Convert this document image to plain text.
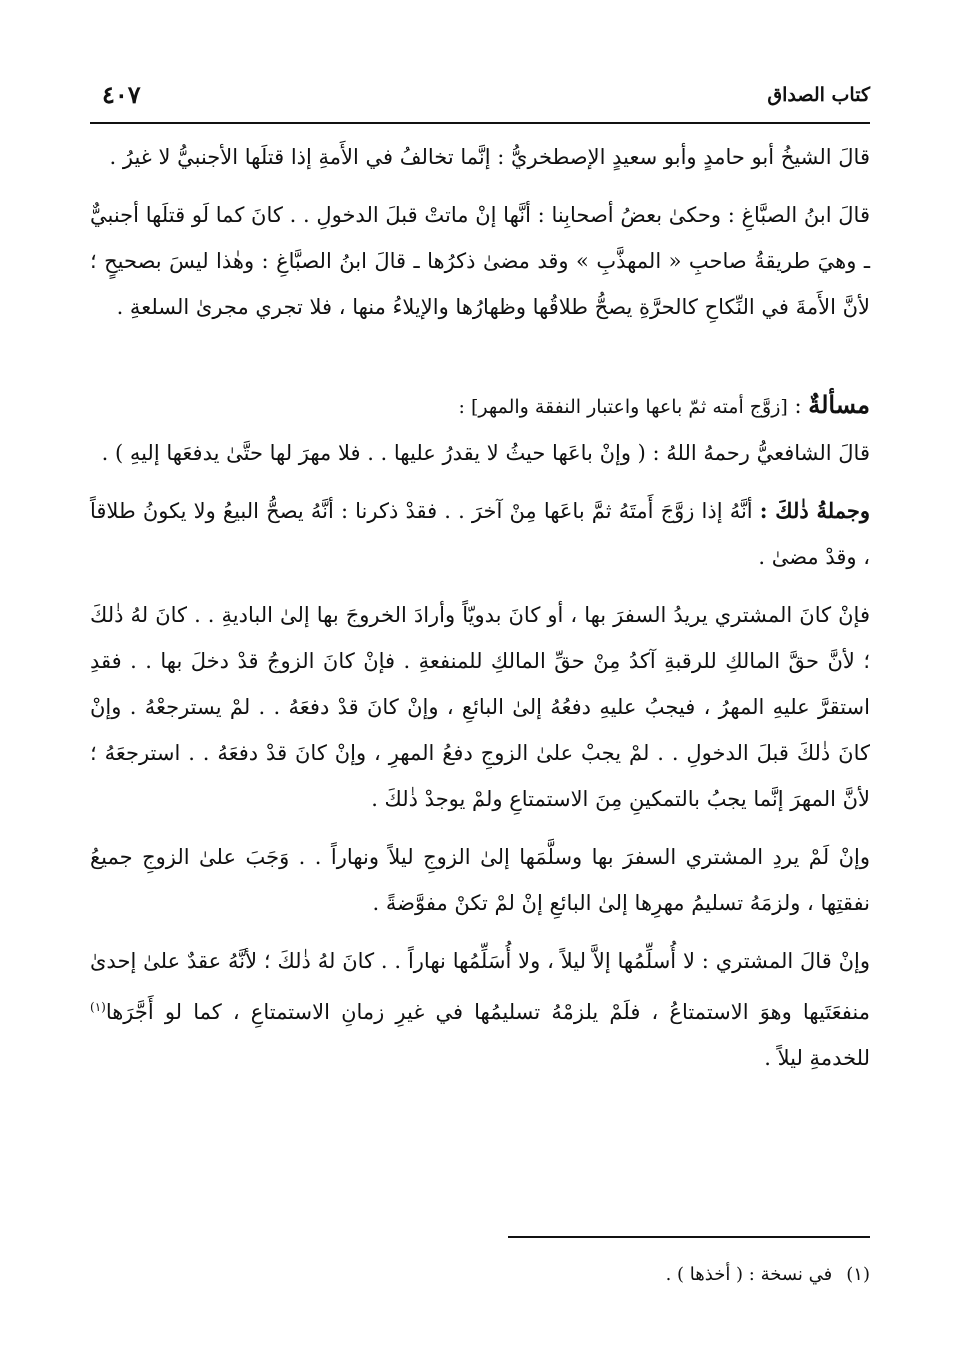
كتاب الصداق
٤٠٧

قالَ الشيخُ أبو حامدٍ وأبو سعيدٍ الإصطخريُّ : إنَّما تخالفُ في الأَمةِ إذا قتلَها الأجنبيُّ لا غيرُ .

قالَ ابنُ الصبَّاغِ : وحكىٰ بعضُ أصحابِنا : أنَّها إنْ ماتتْ قبلَ الدخولِ . . كانَ كما لَو قتلَها أجنبيٌّ ـ وهيَ طريقةُ صاحبِ « المهذَّبِ » وقد مضىٰ ذكرُها ـ قالَ ابنُ الصبَّاغِ : وهٰذا ليسَ بصحيحٍ ؛ لأنَّ الأَمةَ في النِّكاحِ كالحرَّةِ يصحُّ طلاقُها وظهارُها والإيلاءُ منها ، فلا تجري مجرىٰ السلعةِ .

مسألةٌ : [زوَّج أمته ثمّ باعها واعتبار النفقة والمهر] :

قالَ الشافعيُّ رحمهُ اللهُ : ( وإنْ باعَها حيثُ لا يقدرُ عليها . . فلا مهرَ لها حتَّىٰ يدفعَها إليهِ ) .

وجملةُ ذٰلكَ : أنَّهُ إذا زوَّجَ أَمتَهُ ثمَّ باعَها مِنْ آخرَ . . فقدْ ذكرنا : أنَّهُ يصحُّ البيعُ ولا يكونُ طلاقاً ، وقدْ مضىٰ .

فإنْ كانَ المشتري يريدُ السفرَ بها ، أو كانَ بدويّاً وأرادَ الخروجَ بها إلىٰ الباديةِ . . كانَ لهُ ذٰلكَ ؛ لأنَّ حقَّ المالكِ للرقبةِ آكدُ مِنْ حقِّ المالكِ للمنفعةِ . فإنْ كانَ الزوجُ قدْ دخلَ بها . . فقدِ استقرَّ عليهِ المهرُ ، فيجبُ عليهِ دفعُهُ إلىٰ البائعِ ، وإنْ كانَ قدْ دفعَهُ . . لمْ يسترجعْهُ . وإنْ كانَ ذٰلكَ قبلَ الدخولِ . . لمْ يجبْ علىٰ الزوجِ دفعُ المهرِ ، وإنْ كانَ قدْ دفعَهُ . . استرجعَهُ ؛ لأنَّ المهرَ إنَّما يجبُ بالتمكينِ مِنَ الاستمتاعِ ولمْ يوجدْ ذٰلكَ .

وإنْ لَمْ يردِ المشتري السفرَ بها وسلَّمَها إلىٰ الزوجِ ليلاً ونهاراً . . وَجَبَ علىٰ الزوجِ جميعُ نفقتِها ، ولزمَهُ تسليمُ مهرِها إلىٰ البائعِ إنْ لمْ تكنْ مفوَّضةً .

وإنْ قالَ المشتري : لا أُسلِّمُها إلاَّ ليلاً ، ولا أُسَلِّمُها نهاراً . . كانَ لهُ ذٰلكَ ؛ لأنَّهُ عقدٌ علىٰ إحدىٰ منفعَتَيها وهوَ الاستمتاعُ ، فلَمْ يلزمْهُ تسليمُها في غيرِ زمانِ الاستمتاعِ ، كما لو أَجَّرَها$^{(١)}$ للخدمةِ ليلاً .

(١)في نسخة : ( أخذها ) .
